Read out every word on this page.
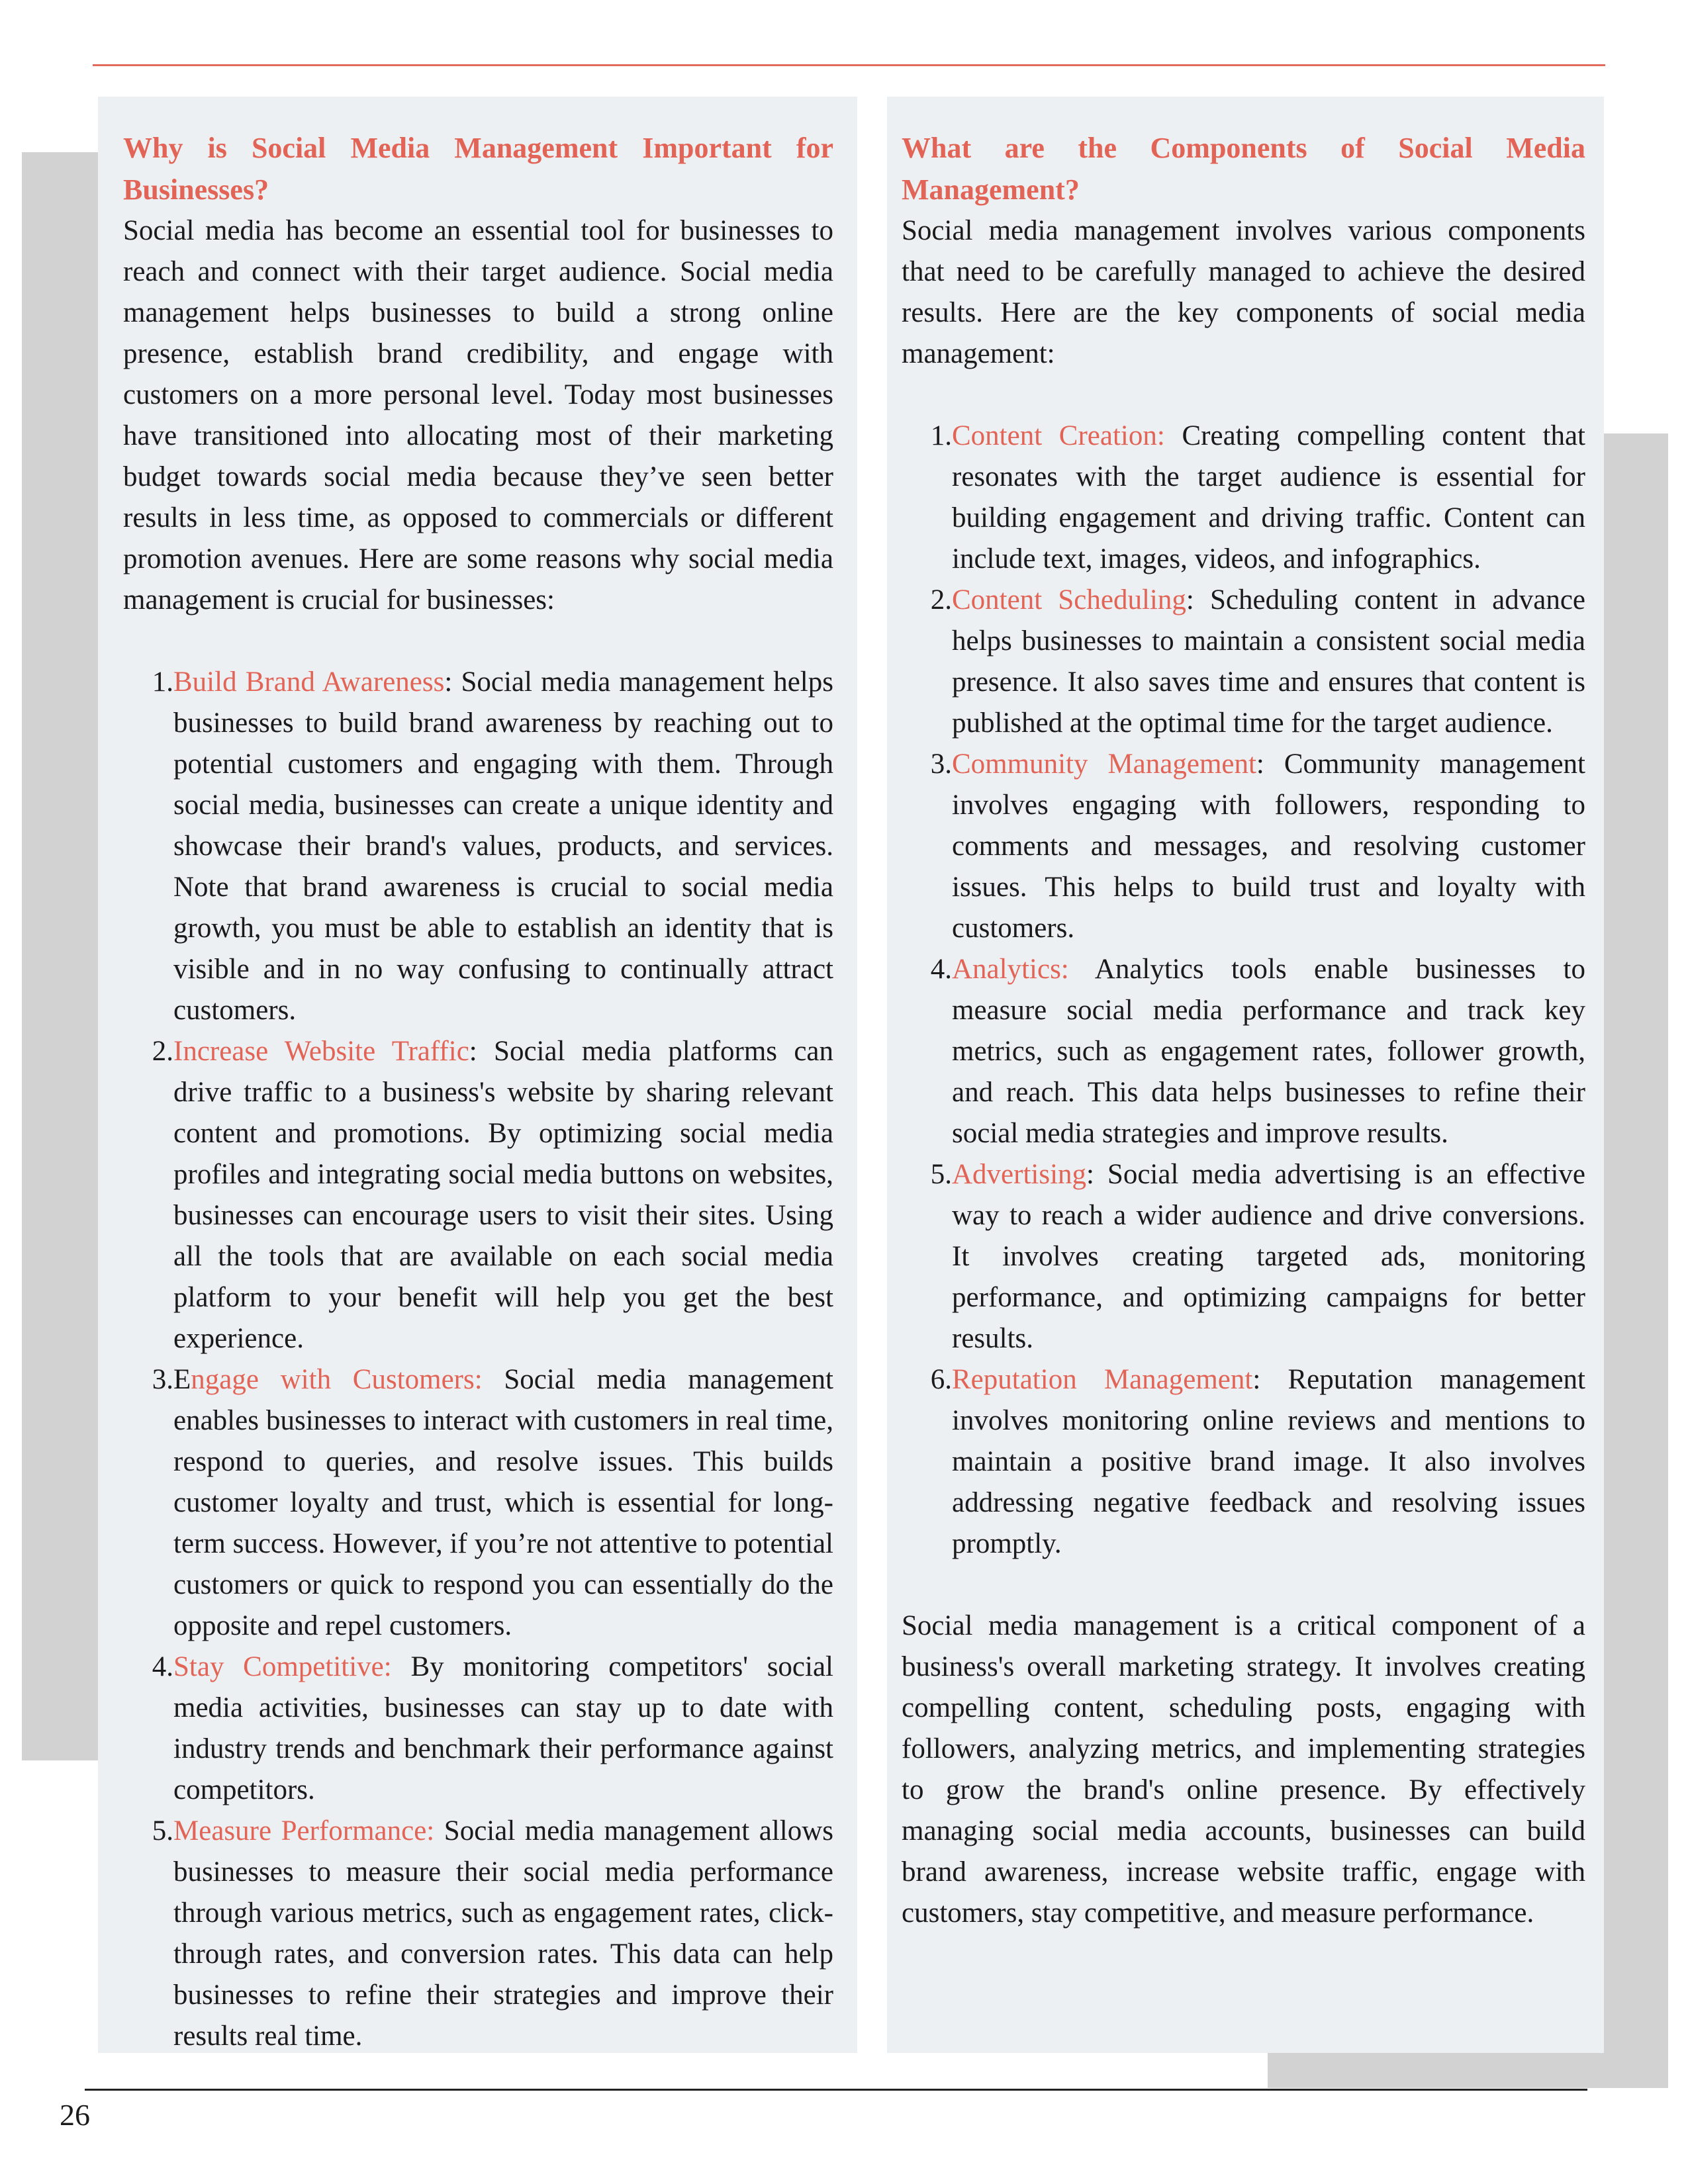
Why is Social Media Management Important for Businesses?

Social media has become an essential tool for businesses to reach and connect with their target audience. Social media management helps businesses to build a strong online presence, establish brand credibility, and engage with customers on a more personal level. Today most businesses have transitioned into allocating most of their marketing budget towards social media because they’ve seen better results in less time, as opposed to commercials or different promotion avenues. Here are some reasons why social media management is crucial for businesses:

1. Build Brand Awareness: Social media management helps businesses to build brand awareness by reaching out to potential customers and engaging with them. Through social media, businesses can create a unique identity and showcase their brand's values, products, and services. Note that brand awareness is crucial to social media growth, you must be able to establish an identity that is visible and in no way confusing to continually attract customers.
2. Increase Website Traffic: Social media platforms can drive traffic to a business's website by sharing relevant content and promotions. By optimizing social media profiles and integrating social media buttons on websites, businesses can encourage users to visit their sites. Using all the tools that are available on each social media platform to your benefit will help you get the best experience.
3. Engage with Customers: Social media management enables businesses to interact with customers in real time, respond to queries, and resolve issues. This builds customer loyalty and trust, which is essential for long-term success. However, if you’re not attentive to potential customers or quick to respond you can essentially do the opposite and repel customers.
4. Stay Competitive: By monitoring competitors' social media activities, businesses can stay up to date with industry trends and benchmark their performance against competitors.
5. Measure Performance: Social media management allows businesses to measure their social media performance through various metrics, such as engagement rates, click-through rates, and conversion rates. This data can help businesses to refine their strategies and improve their results real time.
What are the Components of Social Media Management?

Social media management involves various components that need to be carefully managed to achieve the desired results. Here are the key components of social media management:

1. Content Creation: Creating compelling content that resonates with the target audience is essential for building engagement and driving traffic. Content can include text, images, videos, and infographics.
2. Content Scheduling: Scheduling content in advance helps businesses to maintain a consistent social media presence. It also saves time and ensures that content is published at the optimal time for the target audience.
3. Community Management: Community management involves engaging with followers, responding to comments and messages, and resolving customer issues. This helps to build trust and loyalty with customers.
4. Analytics: Analytics tools enable businesses to measure social media performance and track key metrics, such as engagement rates, follower growth, and reach. This data helps businesses to refine their social media strategies and improve results.
5. Advertising: Social media advertising is an effective way to reach a wider audience and drive conversions. It involves creating targeted ads, monitoring performance, and optimizing campaigns for better results.
6. Reputation Management: Reputation management involves monitoring online reviews and mentions to maintain a positive brand image. It also involves addressing negative feedback and resolving issues promptly.

Social media management is a critical component of a business's overall marketing strategy. It involves creating compelling content, scheduling posts, engaging with followers, analyzing metrics, and implementing strategies to grow the brand's online presence. By effectively managing social media accounts, businesses can build brand awareness, increase website traffic, engage with customers, stay competitive, and measure performance.

26
